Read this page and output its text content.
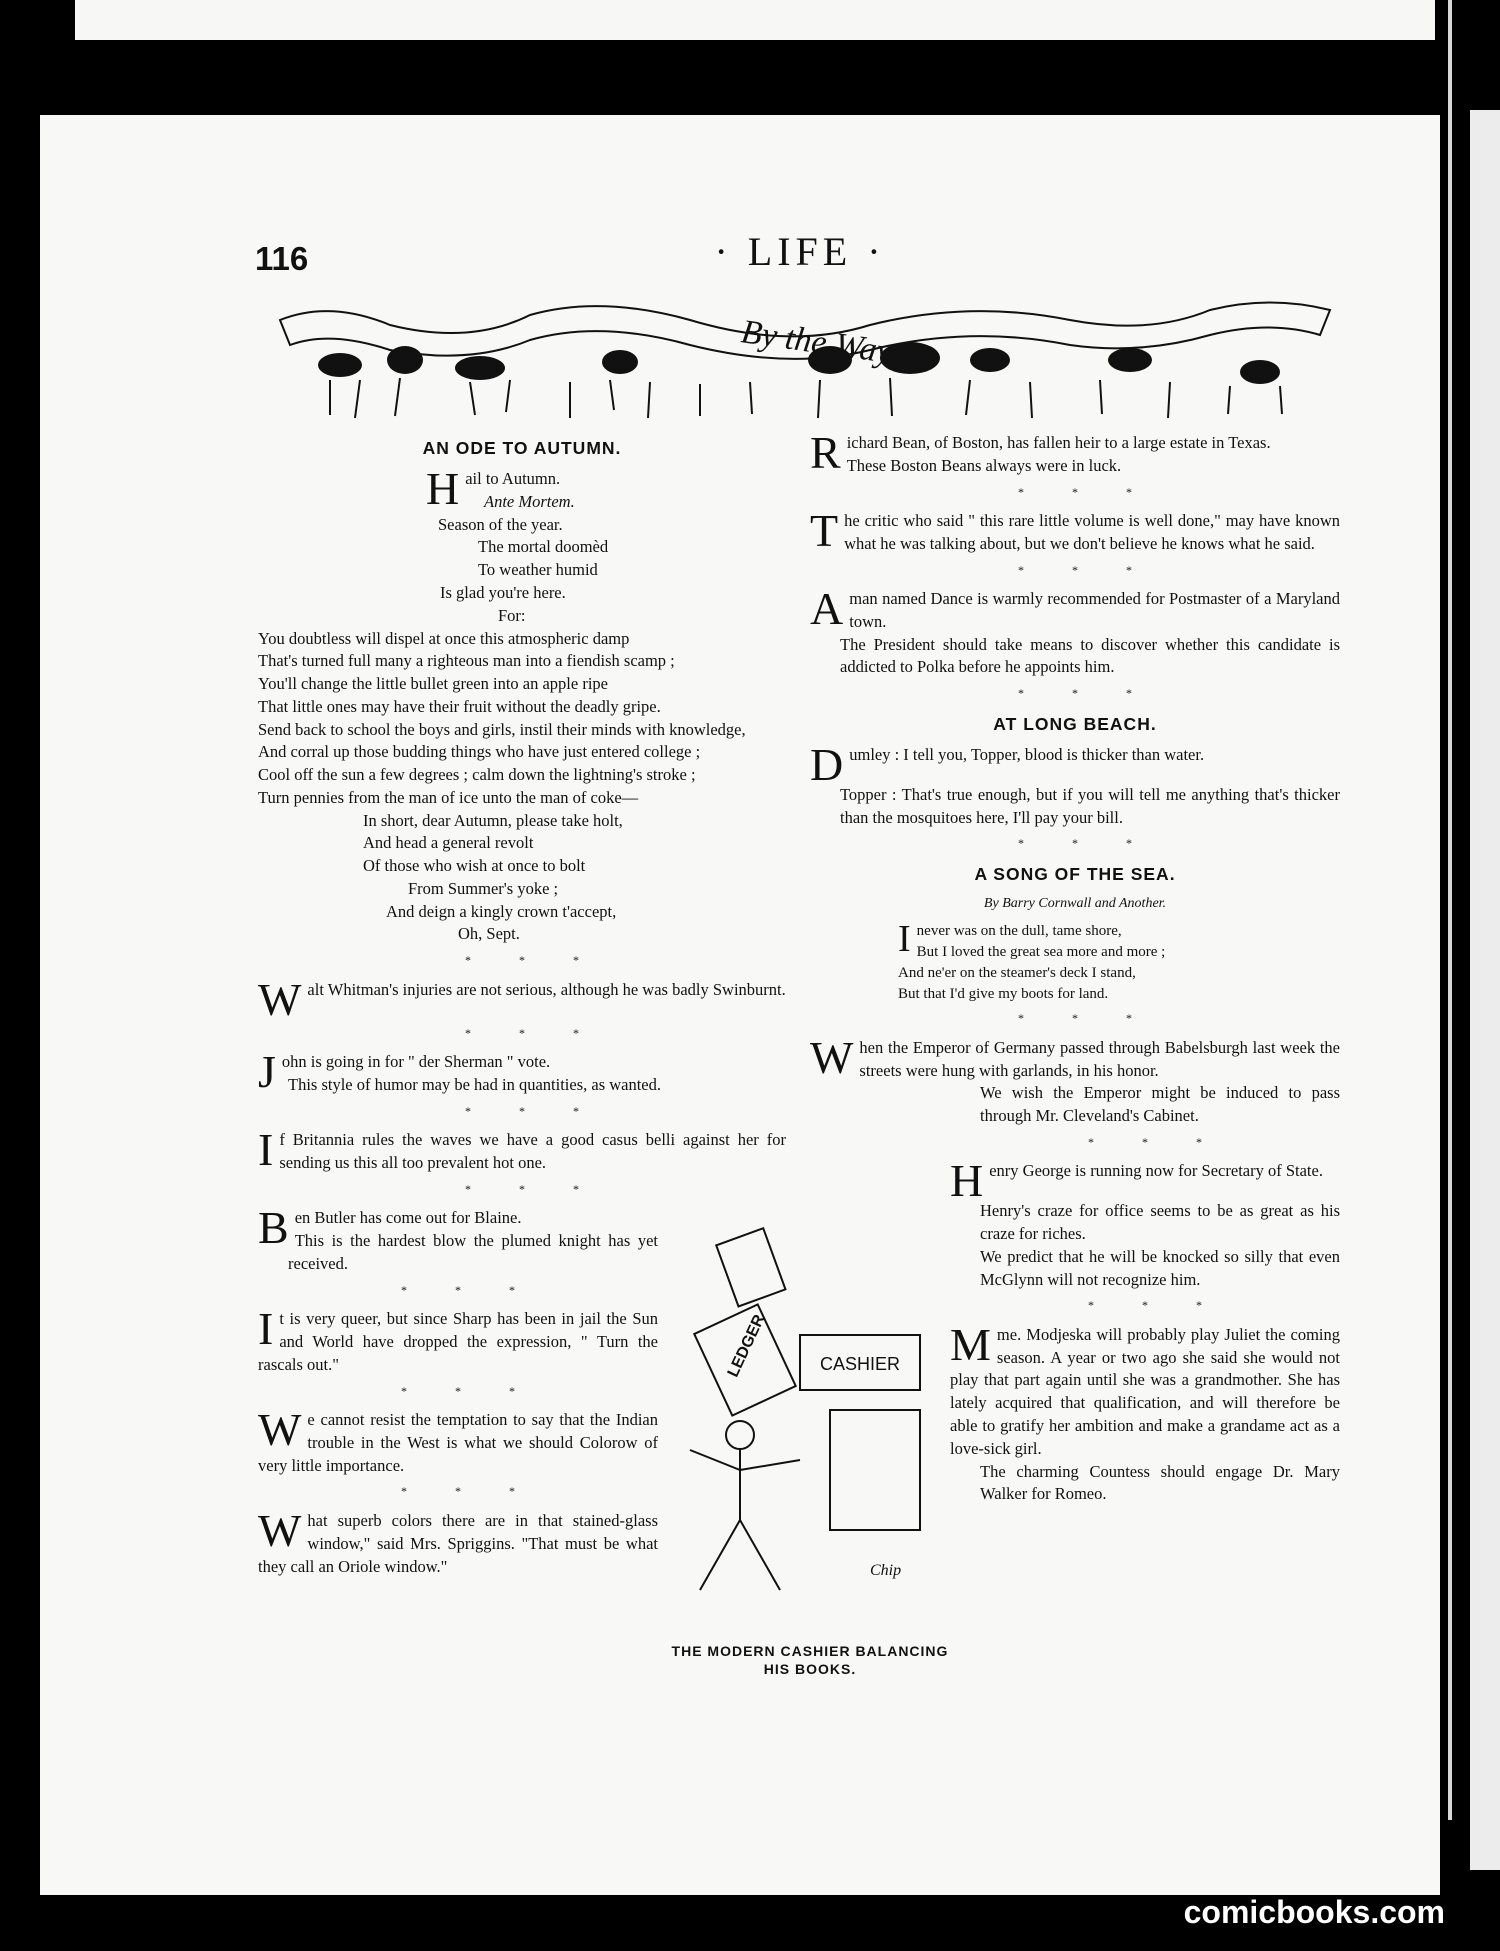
116	· LIFE ·
By the Way
AN ODE TO AUTUMN.
Hail to Autumn.
Ante Mortem.
Season of the year.
The mortal doomèd
To weather humid
Is glad you're here.
For:
You doubtless will dispel at once this atmospheric damp
That's turned full many a righteous man into a fiendish scamp ;
You'll change the little bullet green into an apple ripe
That little ones may have their fruit without the deadly gripe.
Send back to school the boys and girls, instil their minds with knowledge,
And corral up those budding things who have just entered college ;
Cool off the sun a few degrees ; calm down the lightning's stroke ;
Turn pennies from the man of ice unto the man of coke—
In short, dear Autumn, please take holt,
And head a general revolt
Of those who wish at once to bolt
From Summer's yoke ;
And deign a kingly crown t'accept,
Oh, Sept.
***

Walt Whitman's injuries are not serious, although he was badly Swinburnt.

***

John is going in for " der Sherman " vote.

This style of humor may be had in quantities, as wanted.

***

If Britannia rules the waves we have a good casus belli against her for sending us this all too prevalent hot one.

***

Ben Butler has come out for Blaine.

This is the hardest blow the plumed knight has yet received.

***

It is very queer, but since Sharp has been in jail the Sun and World have dropped the expression, " Turn the rascals out."

***

We cannot resist the temptation to say that the Indian trouble in the West is what we should Colorow of very little importance.

***

What superb colors there are in that stained-glass window," said Mrs. Spriggins. "That must be what they call an Oriole window."

LEDGER	CASHIER
Chip
THE MODERN CASHIER BALANCING HIS BOOKS.

Richard Bean, of Boston, has fallen heir to a large estate in Texas.

These Boston Beans always were in luck.

***

The critic who said " this rare little volume is well done," may have known what he was talking about, but we don't believe he knows what he said.

***

A man named Dance is warmly recommended for Postmaster of a Maryland town.

The President should take means to discover whether this candidate is addicted to Polka before he appoints him.

***
AT LONG BEACH.

Dumley : I tell you, Topper, blood is thicker than water.

Topper : That's true enough, but if you will tell me anything that's thicker than the mosquitoes here, I'll pay your bill.

***
A SONG OF THE SEA.
By Barry Cornwall and Another.
I never was on the dull, tame shore,
But I loved the great sea more and more ;
And ne'er on the steamer's deck I stand,
But that I'd give my boots for land.
***

When the Emperor of Germany passed through Babelsburgh last week the streets were hung with garlands, in his honor.

We wish the Emperor might be induced to pass through Mr. Cleveland's Cabinet.

***

Henry George is running now for Secretary of State.

Henry's craze for office seems to be as great as his craze for riches.

We predict that he will be knocked so silly that even McGlynn will not recognize him.

***

Mme. Modjeska will probably play Juliet the coming season. A year or two ago she said she would not play that part again until she was a grandmother. She has lately acquired that qualification, and will therefore be able to gratify her ambition and make a grandame act as a love-sick girl.

The charming Countess should engage Dr. Mary Walker for Romeo.

comicbooks.com
